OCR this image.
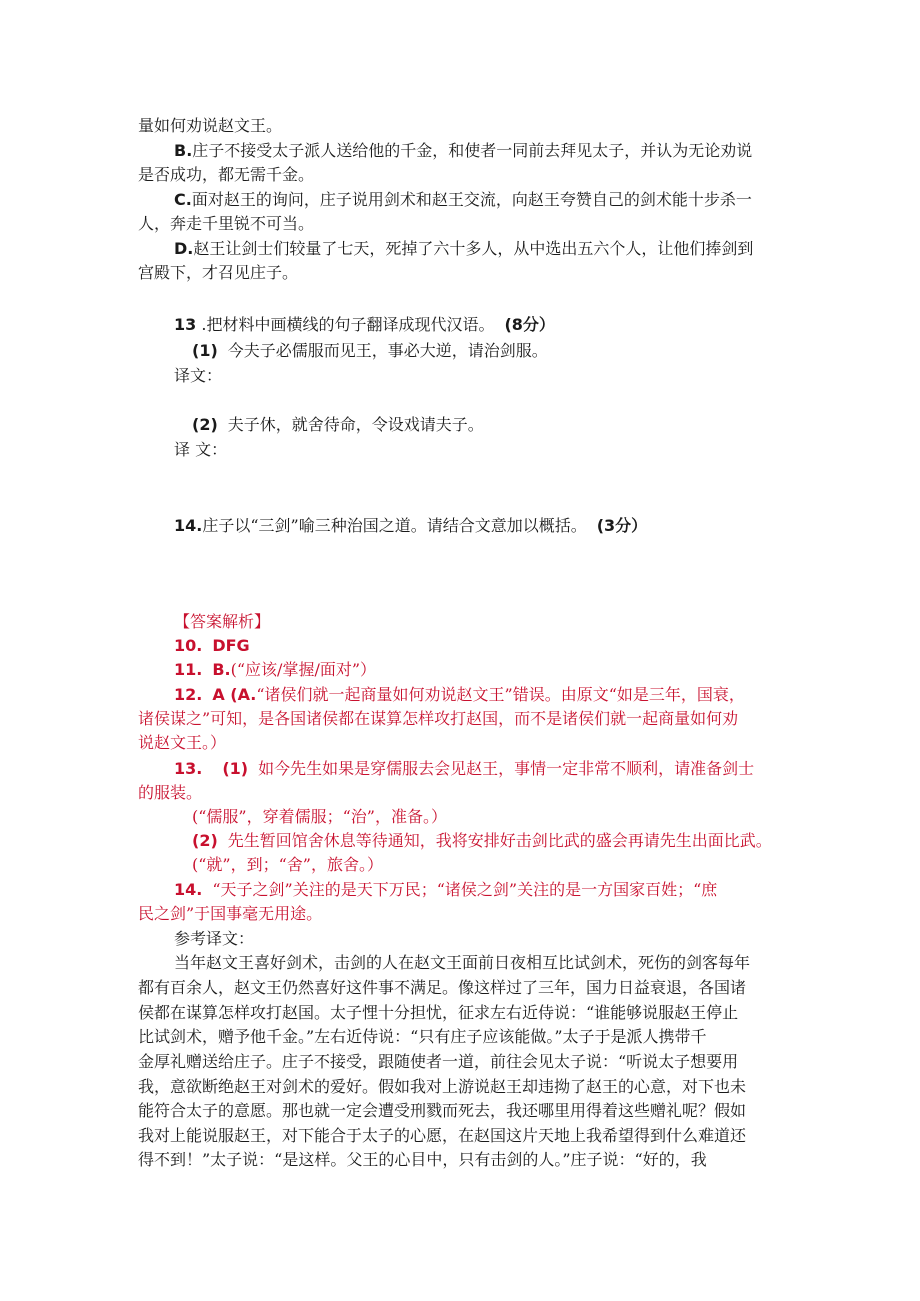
量如何劝说赵文王。
B.庄子不接受太子派人送给他的千金，和使者一同前去拜见太子，并认为无论劝说
是否成功，都无需千金。
C.面对赵王的询问，庄子说用剑术和赵王交流，向赵王夸赞自己的剑术能十步杀一
人，奔走千里锐不可当。
D.赵王让剑士们较量了七天，死掉了六十多人，从中选出五六个人，让他们捧剑到
宫殿下，才召见庄子。
13 .把材料中画横线的句子翻译成现代汉语。 (8分）
(1) 今夫子必儒服而见王，事必大逆，请治剑服。
译文：
(2) 夫子休，就舍待命，令设戏请夫子。
译 文：
14.庄子以“三剑”喻三种治国之道。请结合文意加以概括。 (3分）
【答案解析】
10. DFG
11. B.(“应该/掌握/面对”）
12. A (A.“诸侯们就一起商量如何劝说赵文王”错误。由原文“如是三年，国衰，
诸侯谋之”可知，是各国诸侯都在谋算怎样攻打赵国，而不是诸侯们就一起商量如何劝
说赵文王。）
13. (1) 如今先生如果是穿儒服去会见赵王，事情一定非常不顺利，请准备剑士
的服装。
(“儒服”，穿着儒服；“治”，准备。）
(2) 先生暂回馆舍休息等待通知，我将安排好击剑比武的盛会再请先生出面比武。
(“就”，到；“舍”，旅舍。）
14. “天子之剑”关注的是天下万民；“诸侯之剑”关注的是一方国家百姓；“庶
民之剑”于国事毫无用途。
参考译文：
当年赵文王喜好剑术，击剑的人在赵文王面前日夜相互比试剑术，死伤的剑客每年
都有百余人，赵文王仍然喜好这件事不满足。像这样过了三年，国力日益衰退，各国诸
侯都在谋算怎样攻打赵国。太子悝十分担忧，征求左右近侍说：“谁能够说服赵王停止
比试剑术，赠予他千金。”左右近侍说：“只有庄子应该能做。”太子于是派人携带千
金厚礼赠送给庄子。庄子不接受，跟随使者一道，前往会见太子说：“听说太子想要用
我，意欲断绝赵王对剑术的爱好。假如我对上游说赵王却违拗了赵王的心意，对下也未
能符合太子的意愿。那也就一定会遭受刑戮而死去，我还哪里用得着这些赠礼呢？假如
我对上能说服赵王，对下能合于太子的心愿，在赵国这片天地上我希望得到什么难道还
得不到！”太子说：“是这样。父王的心目中，只有击剑的人。”庄子说：“好的，我
